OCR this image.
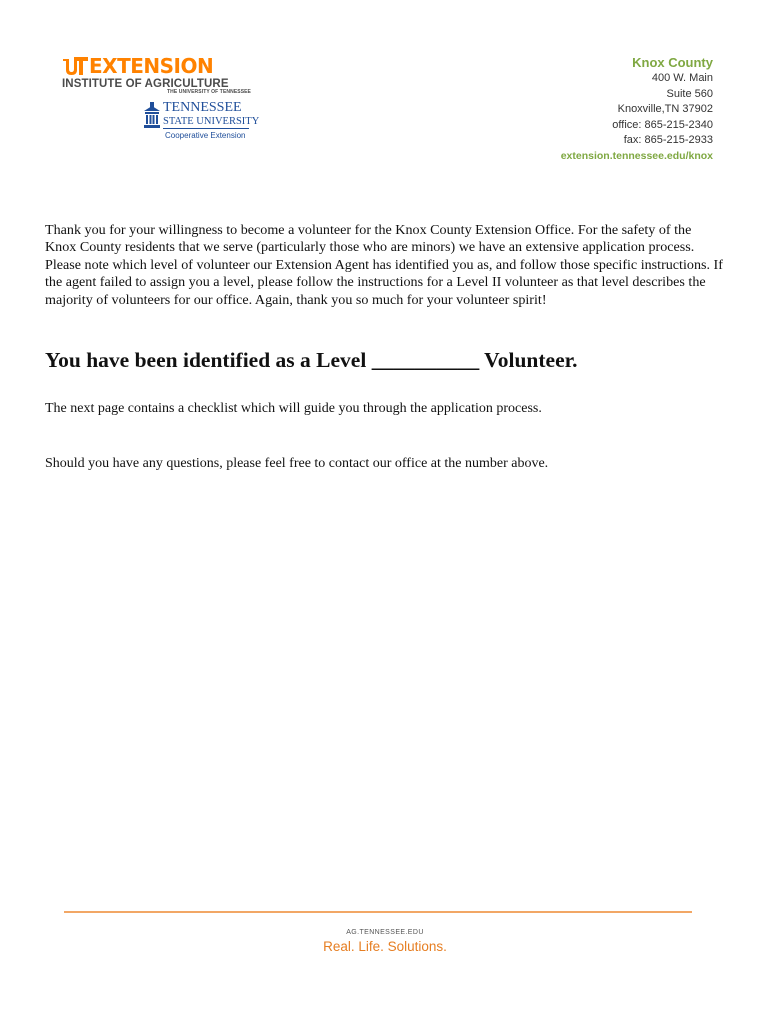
EXTENSION
INSTITUTE OF AGRICULTURE
THE UNIVERSITY OF TENNESSEE
TENNESSEE
STATE UNIVERSITY
Cooperative Extension
Knox County
400 W. Main
Suite 560
Knoxville,TN 37902
office: 865-215-2340
fax: 865-215-2933
extension.tennessee.edu/knox

Thank you for your willingness to become a volunteer for the Knox County Extension Office. For the safety of the Knox County residents that we serve (particularly those who are minors) we have an extensive application process. Please note which level of volunteer our Extension Agent has identified you as, and follow those specific instructions. If the agent failed to assign you a level, please follow the instructions for a Level II volunteer as that level describes the majority of volunteers for our office. Again, thank you so much for your volunteer spirit!

You have been identified as a Level __________ Volunteer.

The next page contains a checklist which will guide you through the application process.

Should you have any questions, please feel free to contact our office at the number above.

AG.TENNESSEE.EDU
Real. Life. Solutions.
